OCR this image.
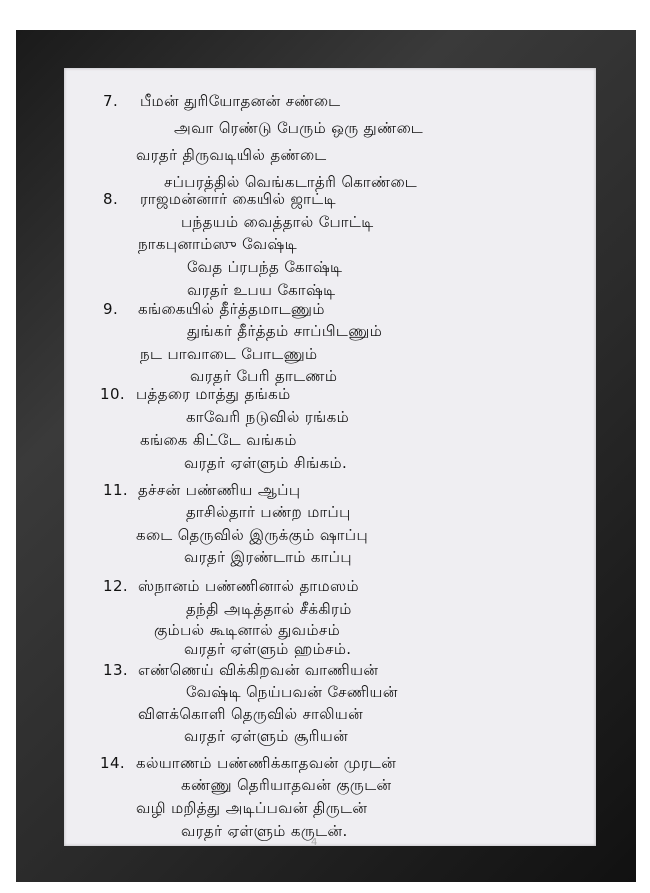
7. பீமன் துரியோதனன் சண்டை
அவா ரெண்டு பேரும் ஒரு துண்டை
வரதர் திருவடியில் தண்டை
சப்பரத்தில் வெங்கடாத்ரி கொண்டை
8. ராஜமன்னார் கையில் ஜாட்டி
பந்தயம் வைத்தால் போட்டி
நாகபுனாம்ஸு வேஷ்டி
வேத ப்ரபந்த கோஷ்டி
வரதர் உபய கோஷ்டி
9. கங்கையில் தீர்த்தமாடணும்
துங்கர் தீர்த்தம் சாப்பிடணும்
நட பாவாடை போடணும்
வரதர் பேரி தாடணம்
10. பத்தரை மாத்து தங்கம்
காவேரி நடுவில் ரங்கம்
கங்கை கிட்டே வங்கம்
வரதர் ஏள்ளும் சிங்கம்.
11. தச்சன் பண்ணிய ஆப்பு
தாசில்தார் பண்ற மாப்பு
கடை தெருவில் இருக்கும் ஷாப்பு
வரதர் இரண்டாம் காப்பு
12. ஸ்நானம் பண்ணினால் தாமஸம்
தந்தி அடித்தால் சீக்கிரம்
கும்பல் கூடினால் துவம்சம்
வரதர் ஏள்ளும் ஹம்சம்.
13. எண்ணெய் விக்கிறவன் வாணியன்
வேஷ்டி நெய்பவன் சேணியன்
விளக்கொளி தெருவில் சாலியன்
வரதர் ஏள்ளும் சூரியன்
14. கல்யாணம் பண்ணிக்காதவன் முரடன்
கண்ணு தெரியாதவன் குருடன்
வழி மறித்து அடிப்பவன் திருடன்
வரதர் ஏள்ளும் கருடன்.
4
